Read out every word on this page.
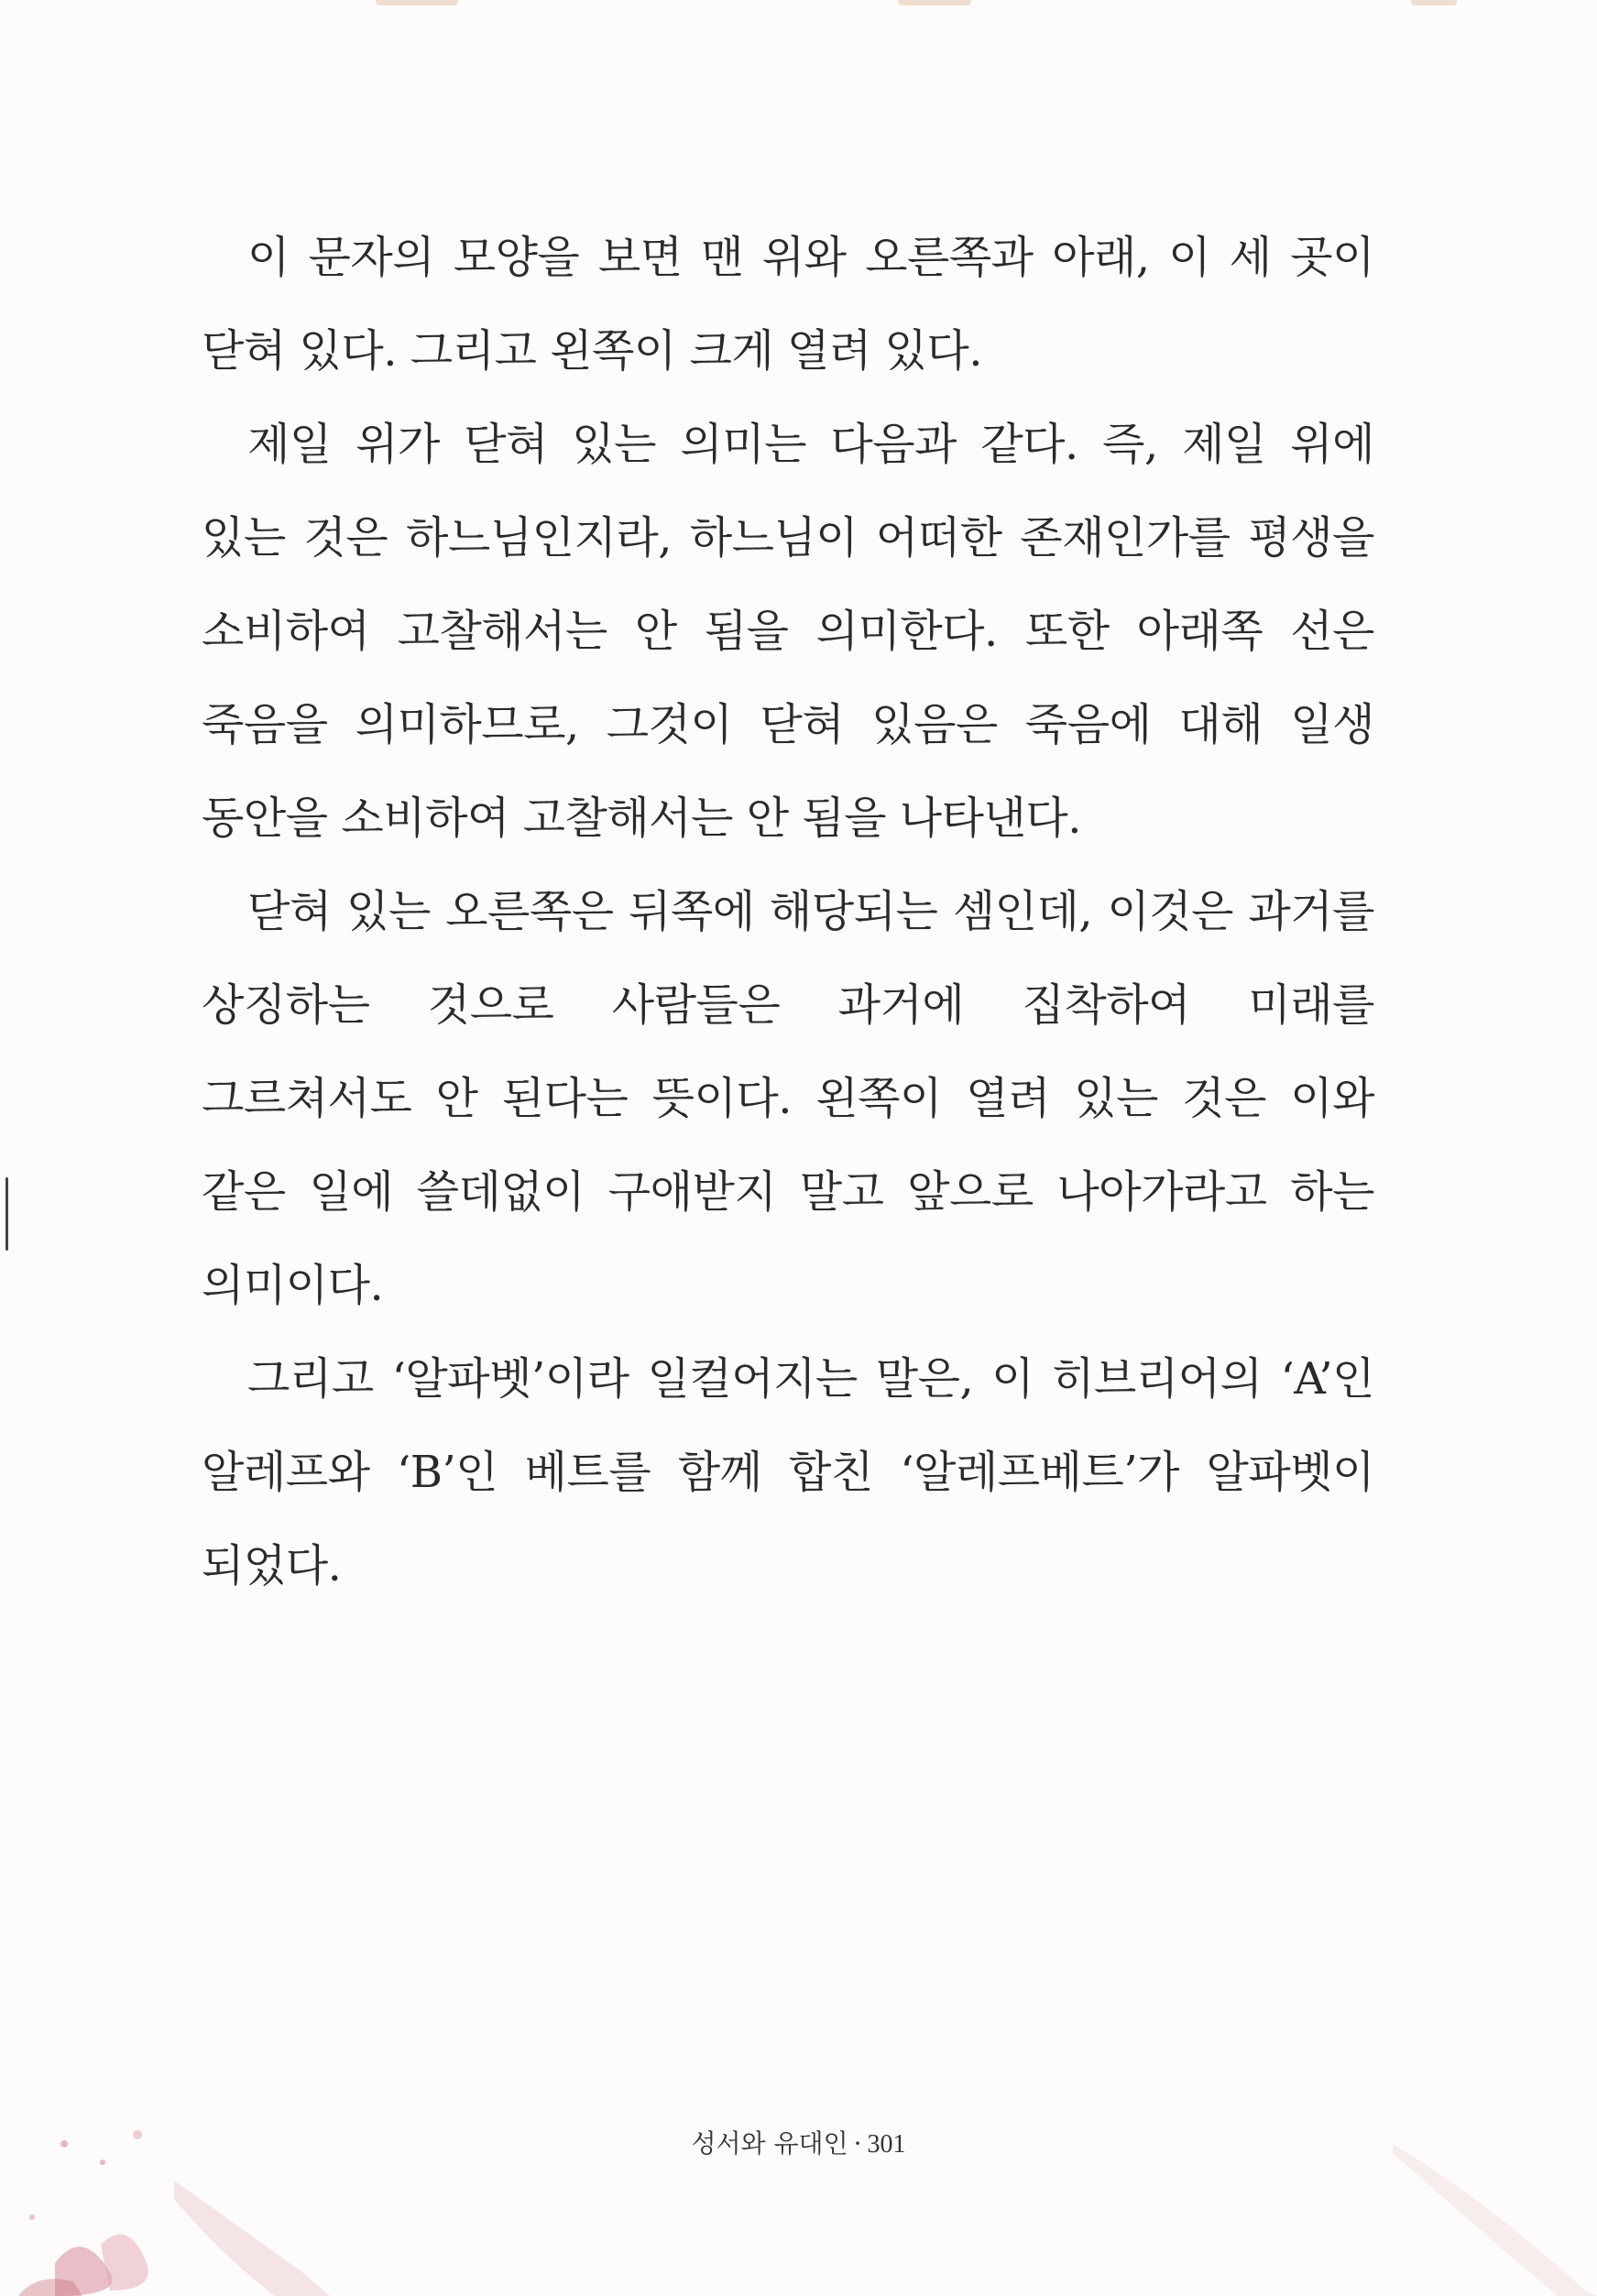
이 문자의 모양을 보면 맨 위와 오른쪽과 아래, 이 세 곳이 닫혀 있다. 그리고 왼쪽이 크게 열려 있다.

제일 위가 닫혀 있는 의미는 다음과 같다. 즉, 제일 위에 있는 것은 하느님인지라, 하느님이 어떠한 존재인가를 평생을 소비하여 고찰해서는 안 됨을 의미한다. 또한 아래쪽 선은 죽음을 의미하므로, 그것이 닫혀 있음은 죽음에 대해 일생 동안을 소비하여 고찰해서는 안 됨을 나타낸다.

닫혀 있는 오른쪽은 뒤쪽에 해당되는 셈인데, 이것은 과거를 상징하는 것으로 사람들은 과거에 집착하여 미래를 그르쳐서도 안 된다는 뜻이다. 왼쪽이 열려 있는 것은 이와 같은 일에 쓸데없이 구애받지 말고 앞으로 나아가라고 하는 의미이다.

그리고 ‘알파벳’이라 일컬어지는 말은, 이 히브리어의 ‘A’인 알레프와 ‘B’인 베트를 함께 합친 ‘알레프베트’가 알파벳이 되었다.

성서와 유대인 · 301
